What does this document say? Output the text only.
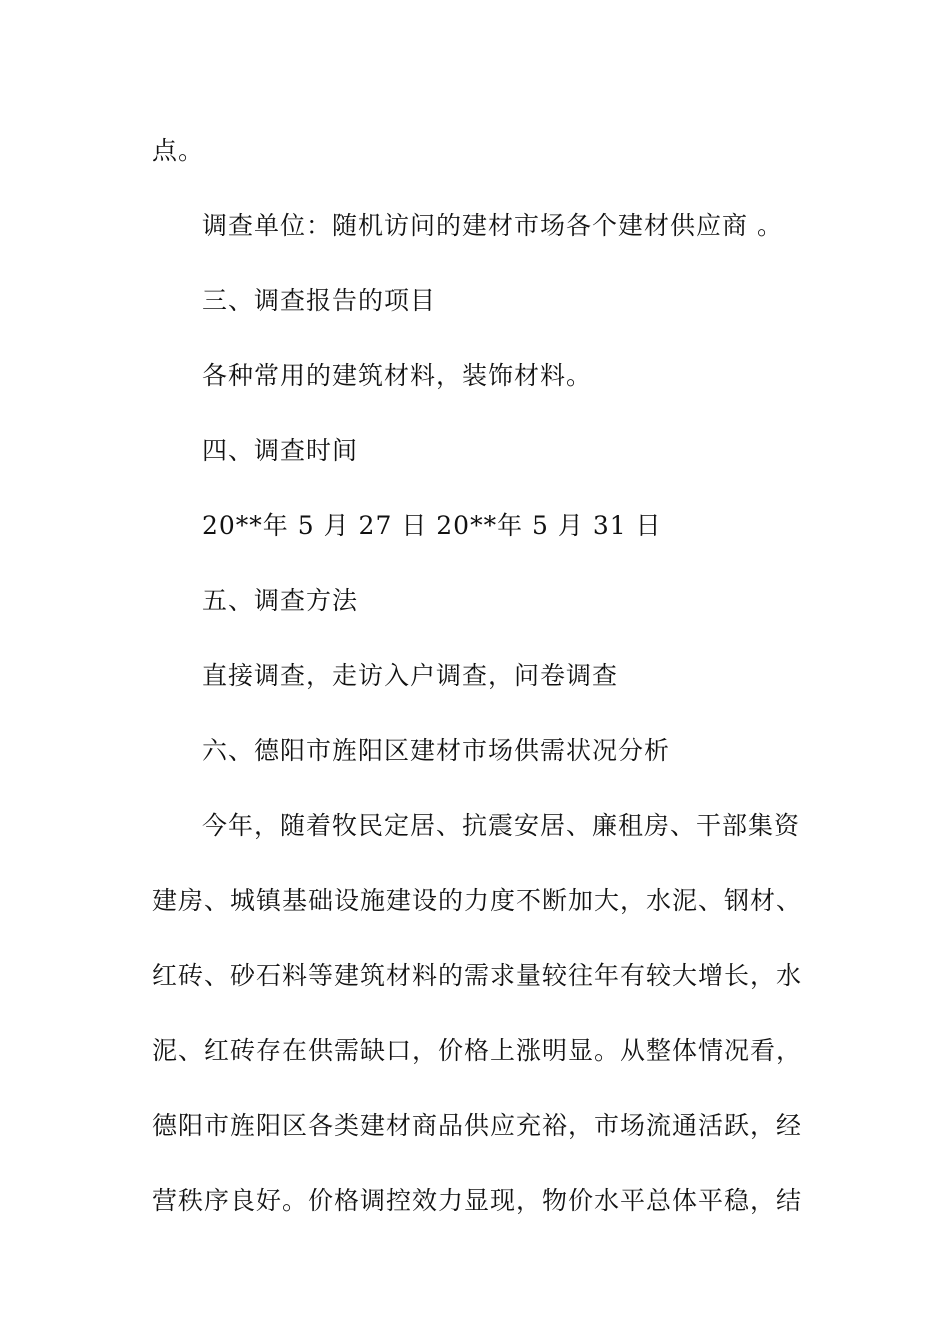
点。
调查单位：随机访问的建材市场各个建材供应商 。
三、调查报告的项目
各种常用的建筑材料，装饰材料。
四、调查时间
20**年 5 月 27 日 20**年 5 月 31 日
五、调查方法
直接调查，走访入户调查，问卷调查
六、德阳市旌阳区建材市场供需状况分析
今年，随着牧民定居、抗震安居、廉租房、干部集资
建房、城镇基础设施建设的力度不断加大，水泥、钢材、
红砖、砂石料等建筑材料的需求量较往年有较大增长，水
泥、红砖存在供需缺口，价格上涨明显。从整体情况看，
德阳市旌阳区各类建材商品供应充裕，市场流通活跃，经
营秩序良好。价格调控效力显现，物价水平总体平稳，结
